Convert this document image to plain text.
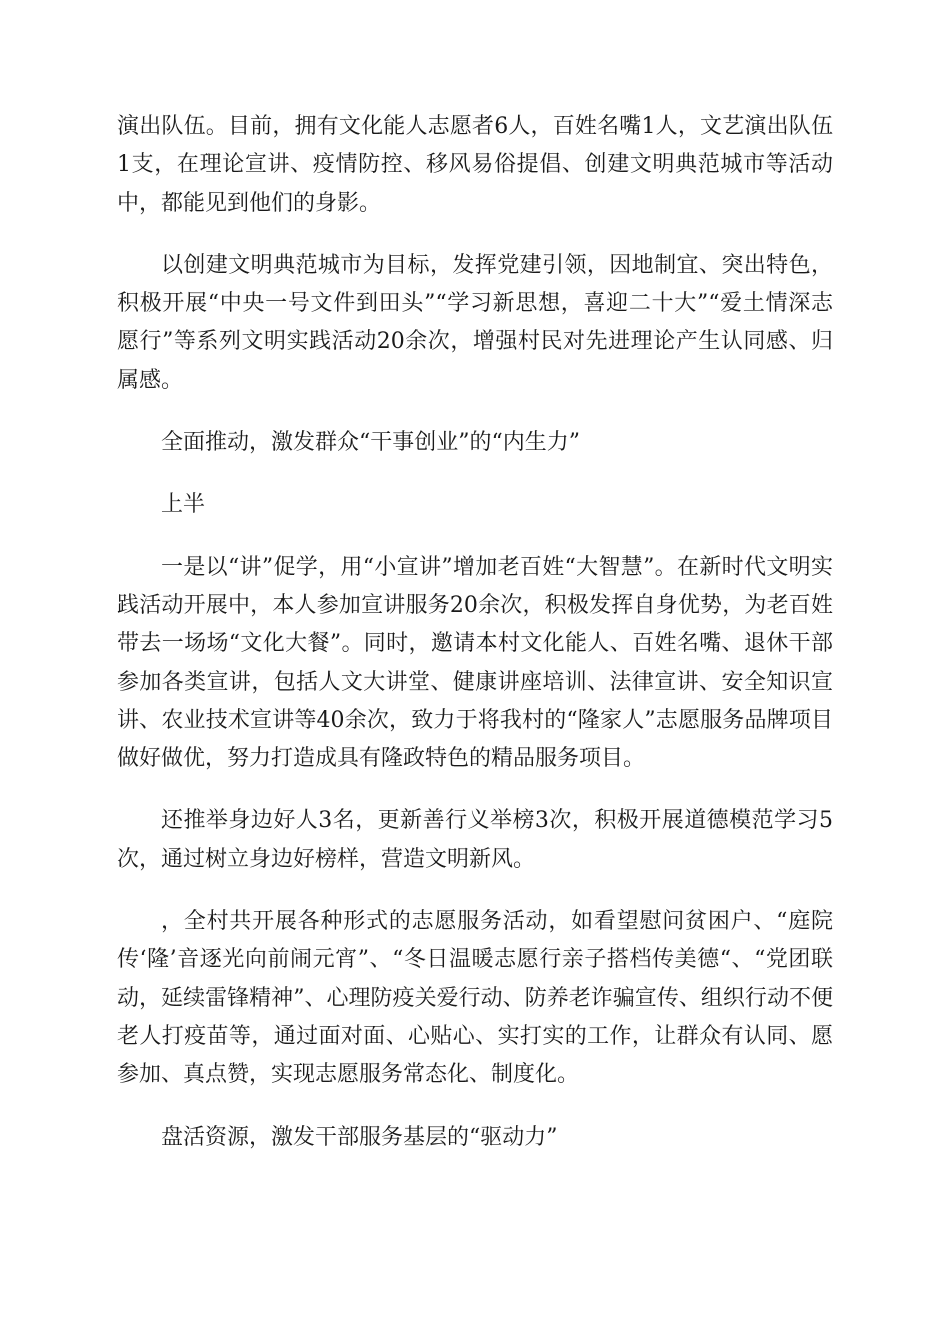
演出队伍。目前，拥有文化能人志愿者6人，百姓名嘴1人，文艺演出队伍1支，在理论宣讲、疫情防控、移风易俗提倡、创建文明典范城市等活动中，都能见到他们的身影。

以创建文明典范城市为目标，发挥党建引领，因地制宜、突出特色，积极开展“中央一号文件到田头”“学习新思想，喜迎二十大”“爱土情深志愿行”等系列文明实践活动20余次，增强村民对先进理论产生认同感、归属感。

全面推动，激发群众“干事创业”的“内生力”

上半

一是以“讲”促学，用“小宣讲”增加老百姓“大智慧”。在新时代文明实践活动开展中，本人参加宣讲服务20余次，积极发挥自身优势，为老百姓带去一场场“文化大餐”。同时，邀请本村文化能人、百姓名嘴、退休干部参加各类宣讲，包括人文大讲堂、健康讲座培训、法律宣讲、安全知识宣讲、农业技术宣讲等40余次，致力于将我村的“隆家人”志愿服务品牌项目做好做优，努力打造成具有隆政特色的精品服务项目。

还推举身边好人3名，更新善行义举榜3次，积极开展道德模范学习5次，通过树立身边好榜样，营造文明新风。

，全村共开展各种形式的志愿服务活动，如看望慰问贫困户、“庭院传‘隆’音逐光向前闹元宵”、“冬日温暖志愿行亲子搭档传美德“、“党团联动，延续雷锋精神”、心理防疫关爱行动、防养老诈骗宣传、组织行动不便老人打疫苗等，通过面对面、心贴心、实打实的工作，让群众有认同、愿参加、真点赞，实现志愿服务常态化、制度化。

盘活资源，激发干部服务基层的“驱动力”
